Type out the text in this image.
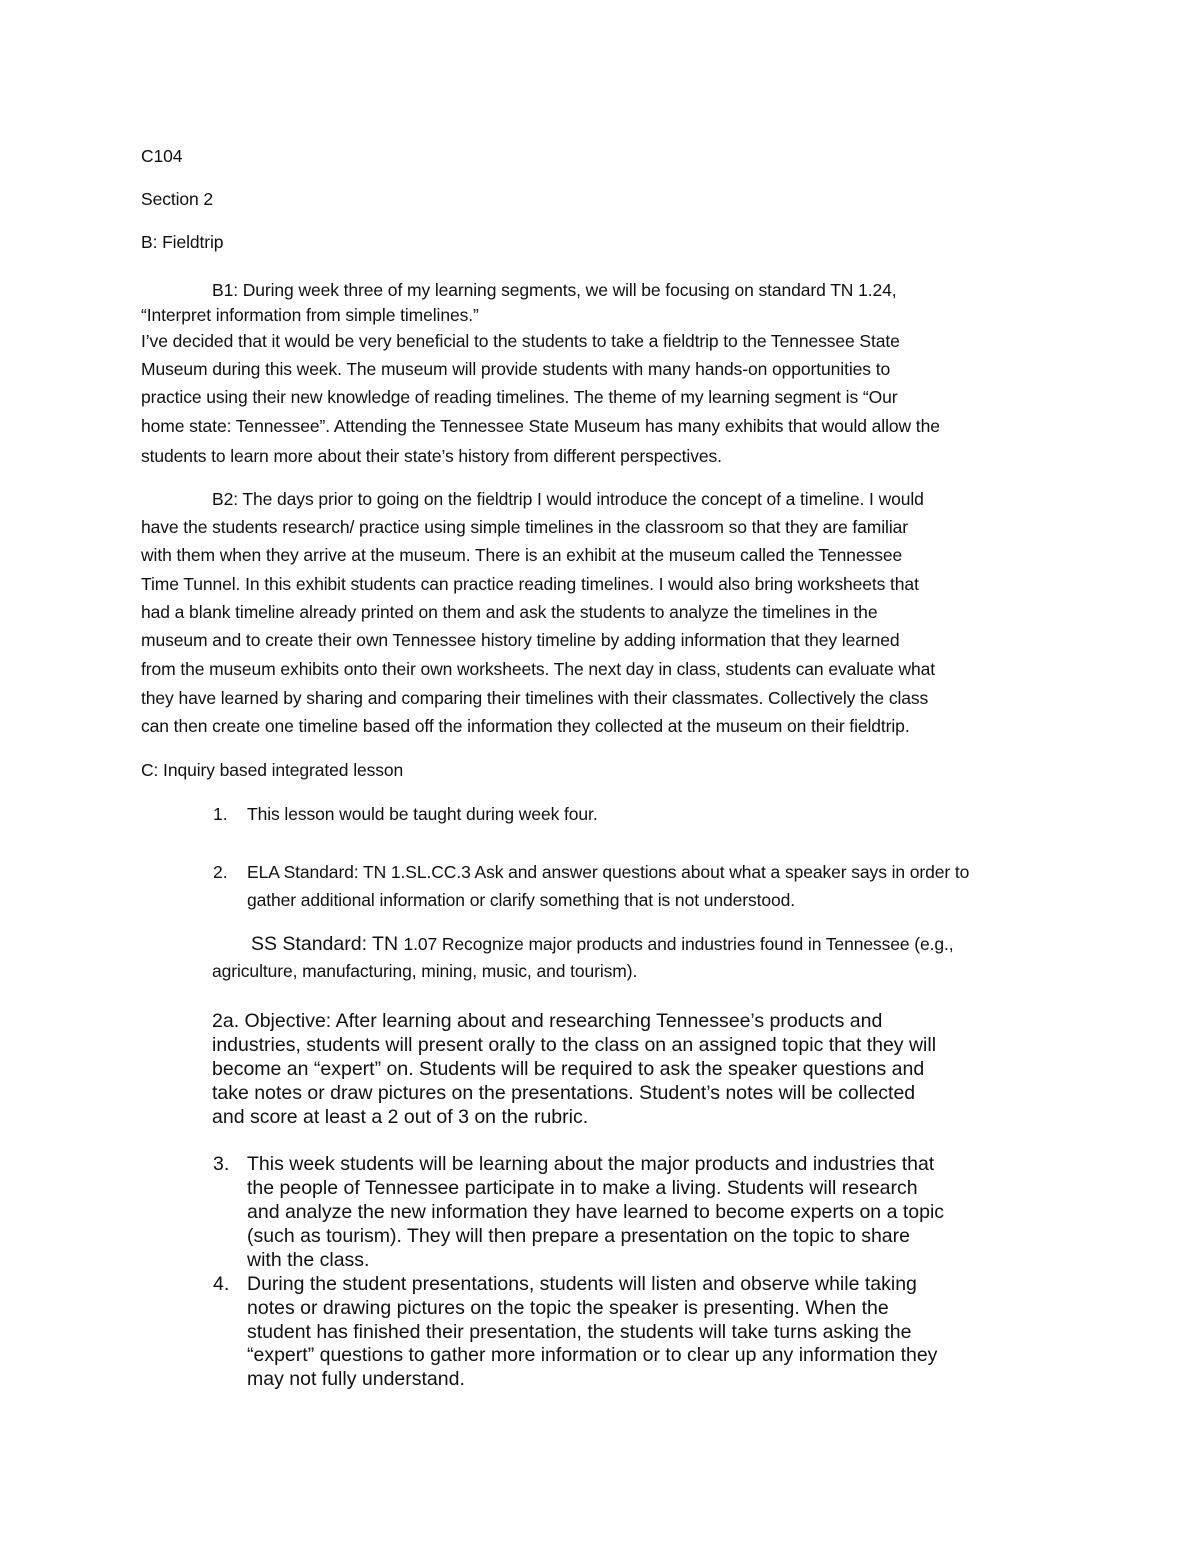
C104
Section 2
B: Fieldtrip
B1: During week three of my learning segments, we will be focusing on standard TN 1.24,
“Interpret information from simple timelines.”
I’ve decided that it would be very beneficial to the students to take a fieldtrip to the Tennessee State
Museum during this week. The museum will provide students with many hands-on opportunities to
practice using their new knowledge of reading timelines. The theme of my learning segment is “Our
home state: Tennessee”. Attending the Tennessee State Museum has many exhibits that would allow the
students to learn more about their state’s history from different perspectives.
B2: The days prior to going on the fieldtrip I would introduce the concept of a timeline. I would
have the students research/ practice using simple timelines in the classroom so that they are familiar
with them when they arrive at the museum. There is an exhibit at the museum called the Tennessee
Time Tunnel. In this exhibit students can practice reading timelines. I would also bring worksheets that
had a blank timeline already printed on them and ask the students to analyze the timelines in the
museum and to create their own Tennessee history timeline by adding information that they learned
from the museum exhibits onto their own worksheets. The next day in class, students can evaluate what
they have learned by sharing and comparing their timelines with their classmates. Collectively the class
can then create one timeline based off the information they collected at the museum on their fieldtrip.
C: Inquiry based integrated lesson
1. This lesson would be taught during week four.
2. ELA Standard: TN 1.SL.CC.3 Ask and answer questions about what a speaker says in order to
gather additional information or clarify something that is not understood.
SS Standard: TN 1.07 Recognize major products and industries found in Tennessee (e.g.,
agriculture, manufacturing, mining, music, and tourism).
2a. Objective: After learning about and researching Tennessee’s products and
industries, students will present orally to the class on an assigned topic that they will
become an “expert” on. Students will be required to ask the speaker questions and
take notes or draw pictures on the presentations. Student’s notes will be collected
and score at least a 2 out of 3 on the rubric.
3. This week students will be learning about the major products and industries that
the people of Tennessee participate in to make a living. Students will research
and analyze the new information they have learned to become experts on a topic
(such as tourism). They will then prepare a presentation on the topic to share
with the class.
4. During the student presentations, students will listen and observe while taking
notes or drawing pictures on the topic the speaker is presenting. When the
student has finished their presentation, the students will take turns asking the
“expert” questions to gather more information or to clear up any information they
may not fully understand.
